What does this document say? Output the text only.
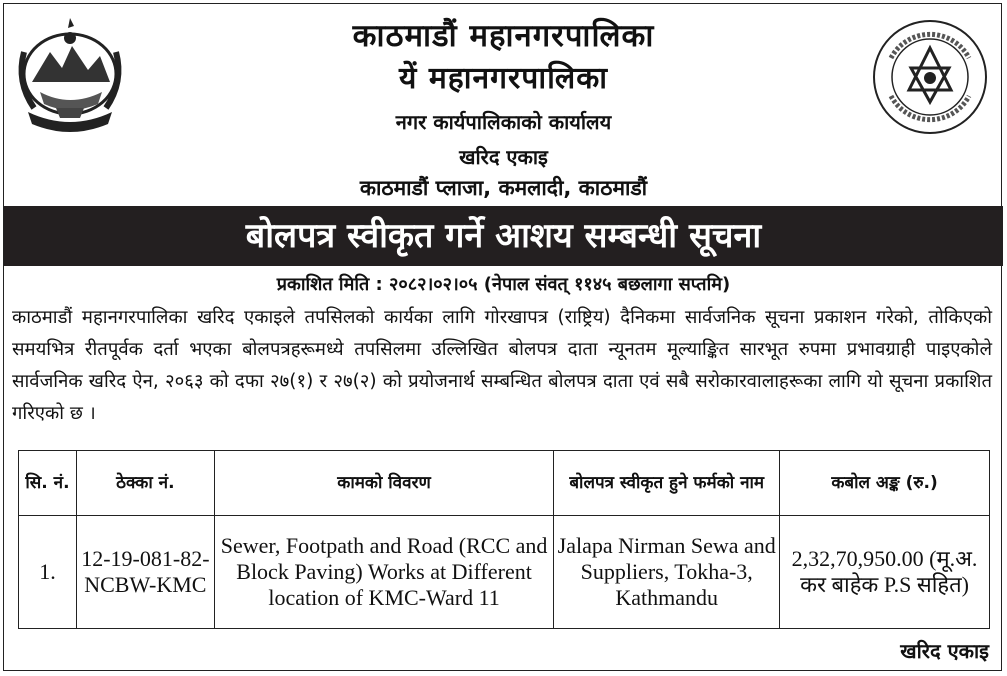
काठमाडौं महानगरपालिका
यें महानगरपालिका
नगर कार्यपालिकाको कार्यालय
खरिद एकाइ
काठमाडौं प्लाजा, कमलादी, काठमाडौं
बोलपत्र स्वीकृत गर्ने आशय सम्बन्धी सूचना
प्रकाशित मिति : २०८२।०२।०५ (नेपाल संवत् ११४५ बछलागा सप्तमि)

काठमाडौं महानगरपालिका खरिद एकाइले तपसिलको कार्यका लागि गोरखापत्र (राष्ट्रिय) दैनिकमा सार्वजनिक सूचना प्रकाशन गरेको, तोकिएको समयभित्र रीतपूर्वक दर्ता भएका बोलपत्रहरूमध्ये तपसिलमा उल्लिखित बोलपत्र दाता न्यूनतम मूल्याङ्कित सारभूत रुपमा प्रभावग्राही पाइएकोले सार्वजनिक खरिद ऐन, २०६३ को दफा २७(१) र २७(२) को प्रयोजनार्थ सम्बन्धित बोलपत्र दाता एवं सबै सरोकारवालाहरूका लागि यो सूचना प्रकाशित गरिएको छ ।

सि. नं.	ठेक्का नं.	कामको विवरण	बोलपत्र स्वीकृत हुने फर्मको नाम	कबोल अङ्क (रु.)
1.	12-19-081-82-NCBW-KMC	Sewer, Footpath and Road (RCC and Block Paving) Works at Different location of KMC-Ward 11	Jalapa Nirman Sewa and Suppliers, Tokha-3, Kathmandu	2,32,70,950.00 (मू.अ. कर बाहेक P.S सहित)
खरिद एकाइ
